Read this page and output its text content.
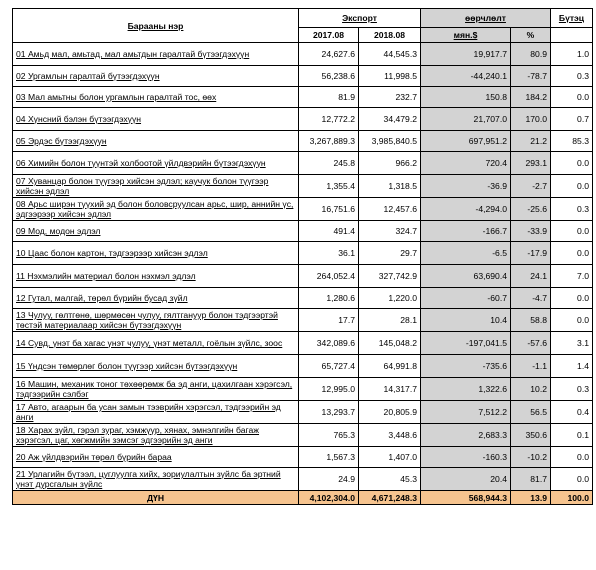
Барааны нэр	Экспорт		өөрчлөлт		Бүтэц
	2017.08	2018.08	мян.$	%	
01 Амьд мал, амьтад, мал амьтдын гаралтай бүтээгдэхүүн	24,627.6	44,545.3	19,917.7	80.9	1.0
02 Ургамлын гаралтай бүтээгдэхүүн	56,238.6	11,998.5	-44,240.1	-78.7	0.3
03 Мал амьтны болон ургамлын гаралтай тос, өөх	81.9	232.7	150.8	184.2	0.0
04 Хүнсний бэлэн бүтээгдэхүүн	12,772.2	34,479.2	21,707.0	170.0	0.7
05 Эрдэс бүтээгдэхүүн	3,267,889.3	3,985,840.5	697,951.2	21.2	85.3
06 Химийн болон түүнтэй холбоотой үйлдвэрийн бүтээгдэхүүн	245.8	966.2	720.4	293.1	0.0
07 Хуванцар болон түүгээр хийсэн эдлэл; каучук болон түүгээр хийсэн эдлэл	1,355.4	1,318.5	-36.9	-2.7	0.0
08 Арьс ширэн түүхий эд болон боловсруулсан арьс, шир, аннийн үс, эдгээрээр хийсэн эдлэл	16,751.6	12,457.6	-4,294.0	-25.6	0.3
09 Мод, модон эдлэл	491.4	324.7	-166.7	-33.9	0.0
10 Цаас болон картон, тэдгээрээр хийсэн эдлэл	36.1	29.7	-6.5	-17.9	0.0
11 Нэхмэлийн материал болон нэхмэл эдлэл	264,052.4	327,742.9	63,690.4	24.1	7.0
12 Гутал, малгай, төрөл бүрийн бусад зүйл	1,280.6	1,220.0	-60.7	-4.7	0.0
13 Чулуу, гөлтгөнө, шөрмөсөн чулуу, гялтгануур болон тэдгээртэй төстэй материалаар хийсэн бүтээгдэхүүн	17.7	28.1	10.4	58.8	0.0
14 Сувд, үнэт ба хагас үнэт чулуу, үнэт металл, гоёлын зүйлс, зоос	342,089.6	145,048.2	-197,041.5	-57.6	3.1
15 Үндсэн төмөрлөг болон түүгээр хийсэн бүтээгдэхүүн	65,727.4	64,991.8	-735.6	-1.1	1.4
16 Машин, механик тоног төхөөрөмж ба эд анги, цахилгаан хэрэгсэл, тэдгээрийн сэлбэг	12,995.0	14,317.7	1,322.6	10.2	0.3
17 Авто, агаарын ба усан замын тээврийн хэрэгсэл, тэдгээрийн эд анги	13,293.7	20,805.9	7,512.2	56.5	0.4
18 Харах зүйл, гэрэл зураг, хэмжүүр, хянах, эмнэлгийн багаж хэрэгсэл, цаг, хөгжмийн зэмсэг эдгээрийн эд анги	765.3	3,448.6	2,683.3	350.6	0.1
20 Аж үйлдвэрийн төрөл бүрийн бараа	1,567.3	1,407.0	-160.3	-10.2	0.0
21 Урлагийн бүтээл, цуглуулга хийх, зориулалтын зүйлс ба эртний үнэт дурсгалын зүйлс	24.9	45.3	20.4	81.7	0.0
ДҮН	4,102,304.0	4,671,248.3	568,944.3	13.9	100.0
